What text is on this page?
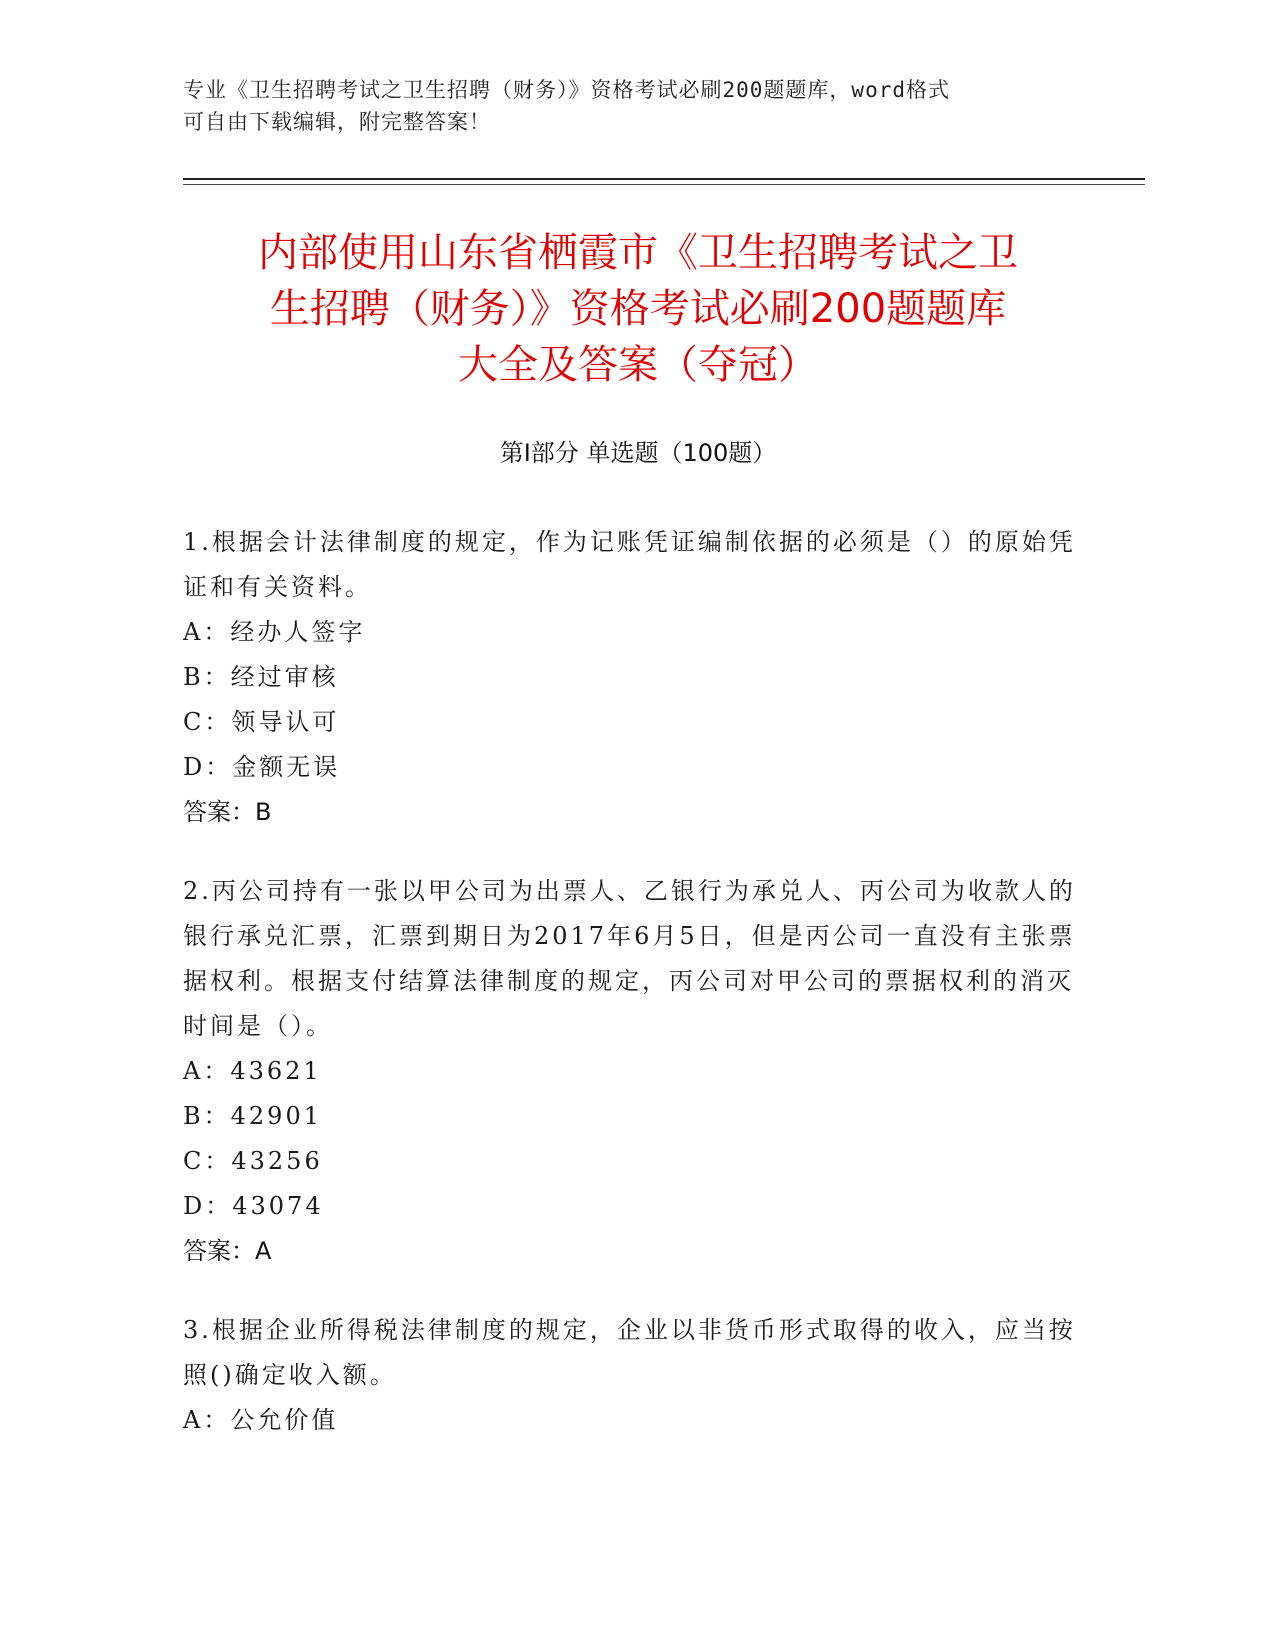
专业《卫生招聘考试之卫生招聘（财务）》资格考试必刷200题题库，word格式
可自由下载编辑，附完整答案！
内部使用山东省栖霞市《卫生招聘考试之卫
生招聘（财务）》资格考试必刷200题题库
大全及答案（夺冠）
第Ⅰ部分 单选题（100题）

1.根据会计法律制度的规定，作为记账凭证编制依据的必须是（）的原始凭证和有关资料。

A：经办人签字

B：经过审核

C：领导认可

D：金额无误

答案：B

2.丙公司持有一张以甲公司为出票人、乙银行为承兑人、丙公司为收款人的银行承兑汇票，汇票到期日为2017年6月5日，但是丙公司一直没有主张票据权利。根据支付结算法律制度的规定，丙公司对甲公司的票据权利的消灭时间是（）。

A：43621

B：42901

C：43256

D：43074

答案：A

3.根据企业所得税法律制度的规定，企业以非货币形式取得的收入，应当按照()确定收入额。

A：公允价值
